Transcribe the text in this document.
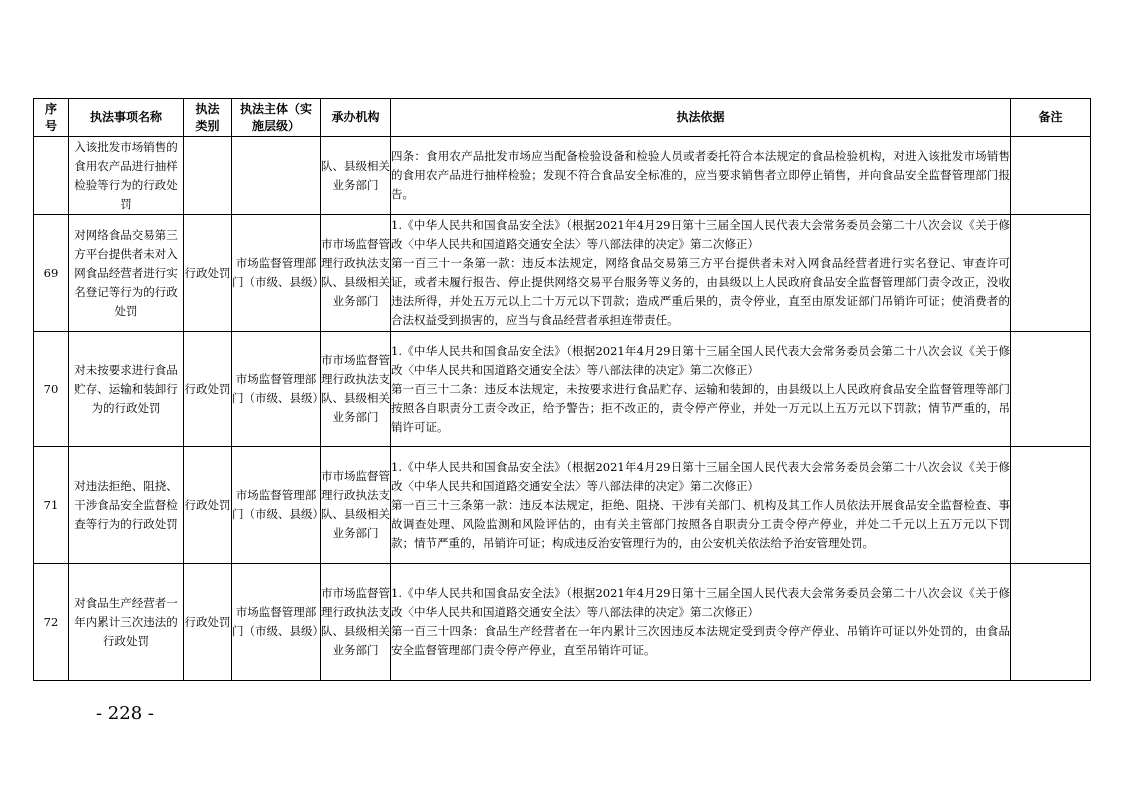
序号	执法事项名称	执法类别	执法主体（实施层级）	承办机构	执法依据	备注
	入该批发市场销售的食用农产品进行抽样检验等行为的行政处罚			队、县级相关业务部门	四条：食用农产品批发市场应当配备检验设备和检验人员或者委托符合本法规定的食品检验机构，对进入该批发市场销售的食用农产品进行抽样检验；发现不符合食品安全标准的，应当要求销售者立即停止销售，并向食品安全监督管理部门报告。	

69	对网络食品交易第三方平台提供者未对入网食品经营者进行实名登记等行为的行政处罚	行政处罚	市场监督管理部门（市级、县级）	市市场监督管理行政执法支队、县级相关业务部门	1.《中华人民共和国食品安全法》（根据2021年4月29日第十三届全国人民代表大会常务委员会第二十八次会议《关于修改〈中华人民共和国道路交通安全法〉等八部法律的决定》第二次修正）

第一百三十一条第一款：违反本法规定，网络食品交易第三方平台提供者未对入网食品经营者进行实名登记、审查许可证，或者未履行报告、停止提供网络交易平台服务等义务的，由县级以上人民政府食品安全监督管理部门责令改正，没收违法所得，并处五万元以上二十万元以下罚款；造成严重后果的，责令停业，直至由原发证部门吊销许可证；使消费者的合法权益受到损害的，应当与食品经营者承担连带责任。	

70	对未按要求进行食品贮存、运输和装卸行为的行政处罚	行政处罚	市场监督管理部门（市级、县级）	市市场监督管理行政执法支队、县级相关业务部门	1.《中华人民共和国食品安全法》（根据2021年4月29日第十三届全国人民代表大会常务委员会第二十八次会议《关于修改〈中华人民共和国道路交通安全法〉等八部法律的决定》第二次修正）

第一百三十二条：违反本法规定，未按要求进行食品贮存、运输和装卸的，由县级以上人民政府食品安全监督管理等部门按照各自职责分工责令改正，给予警告；拒不改正的，责令停产停业，并处一万元以上五万元以下罚款；情节严重的，吊销许可证。	

71	对违法拒绝、阻挠、干涉食品安全监督检查等行为的行政处罚	行政处罚	市场监督管理部门（市级、县级）	市市场监督管理行政执法支队、县级相关业务部门	1.《中华人民共和国食品安全法》（根据2021年4月29日第十三届全国人民代表大会常务委员会第二十八次会议《关于修改〈中华人民共和国道路交通安全法〉等八部法律的决定》第二次修正）

第一百三十三条第一款：违反本法规定，拒绝、阻挠、干涉有关部门、机构及其工作人员依法开展食品安全监督检查、事故调查处理、风险监测和风险评估的，由有关主管部门按照各自职责分工责令停产停业，并处二千元以上五万元以下罚款；情节严重的，吊销许可证；构成违反治安管理行为的，由公安机关依法给予治安管理处罚。	

72	对食品生产经营者一年内累计三次违法的行政处罚	行政处罚	市场监督管理部门（市级、县级）	市市场监督管理行政执法支队、县级相关业务部门	1.《中华人民共和国食品安全法》（根据2021年4月29日第十三届全国人民代表大会常务委员会第二十八次会议《关于修改〈中华人民共和国道路交通安全法〉等八部法律的决定》第二次修正）

第一百三十四条：食品生产经营者在一年内累计三次因违反本法规定受到责令停产停业、吊销许可证以外处罚的，由食品安全监督管理部门责令停产停业，直至吊销许可证。	

- 228 -
